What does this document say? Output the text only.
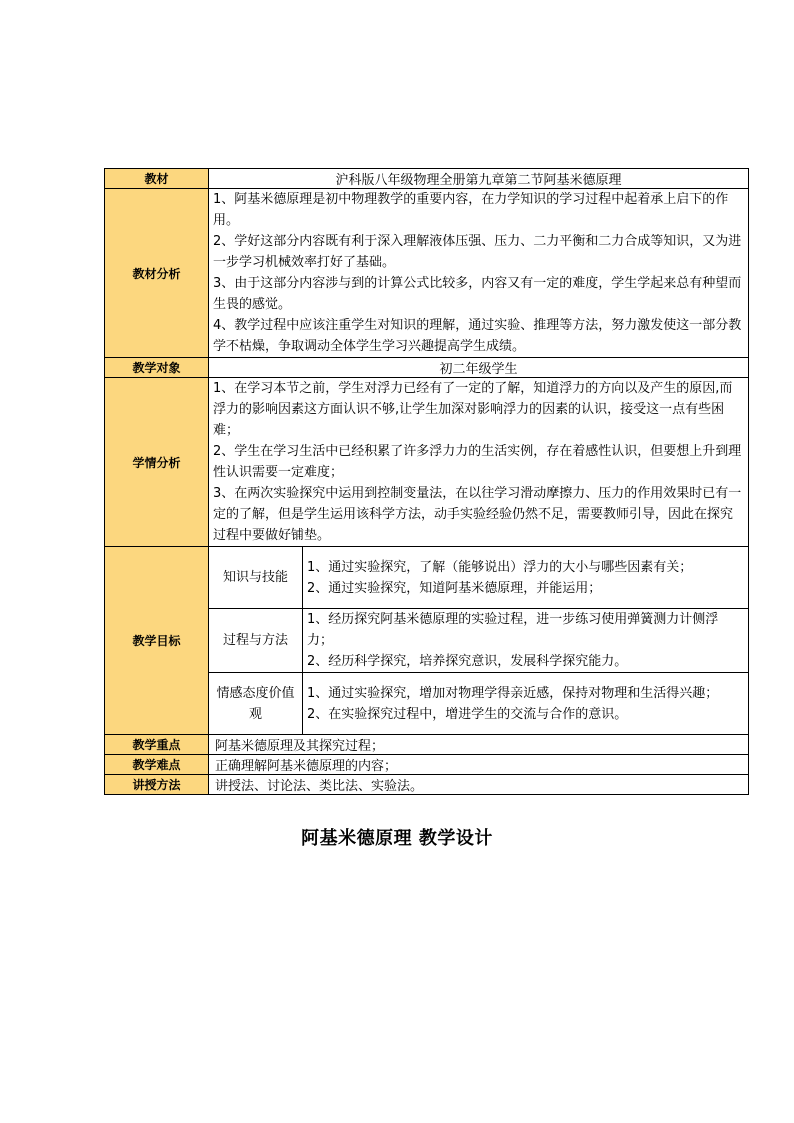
教材	沪科版八年级物理全册第九章第二节阿基米德原理	
教材分析	1、阿基米德原理是初中物理教学的重要内容，在力学知识的学习过程中起着承上启下的作用。

2、学好这部分内容既有利于深入理解液体压强、压力、二力平衡和二力合成等知识，又为进一步学习机械效率打好了基础。

3、由于这部分内容涉与到的计算公式比较多，内容又有一定的难度，学生学起来总有种望而生畏的感觉。

4、教学过程中应该注重学生对知识的理解，通过实验、推理等方法，努力激发使这一部分教学不枯燥，争取调动全体学生学习兴趣提高学生成绩。	

教学对象	初二年级学生	
学情分析	1、在学习本节之前，学生对浮力已经有了一定的了解，知道浮力的方向以及产生的原因,而浮力的影响因素这方面认识不够,让学生加深对影响浮力的因素的认识，接受这一点有些困难；

2、学生在学习生活中已经积累了许多浮力力的生活实例，存在着感性认识，但要想上升到理性认识需要一定难度；

3、在两次实验探究中运用到控制变量法，在以往学习滑动摩擦力、压力的作用效果时已有一定的了解，但是学生运用该科学方法，动手实验经验仍然不足，需要教师引导，因此在探究过程中要做好铺垫。	

教学目标	知识与技能	1、通过实验探究，了解（能够说出）浮力的大小与哪些因素有关；

2、通过实验探究，知道阿基米德原理，并能运用；

	过程与方法	1、经历探究阿基米德原理的实验过程，进一步练习使用弹簧测力计侧浮力；

2、经历科学探究，培养探究意识，发展科学探究能力。

	情感态度价值观	1、通过实验探究，增加对物理学得亲近感，保持对物理和生活得兴趣；

2、在实验探究过程中，增进学生的交流与合作的意识。

教学重点	阿基米德原理及其探究过程；	
教学难点	正确理解阿基米德原理的内容；	
讲授方法	讲授法、讨论法、类比法、实验法。	
阿基米德原理 教学设计
